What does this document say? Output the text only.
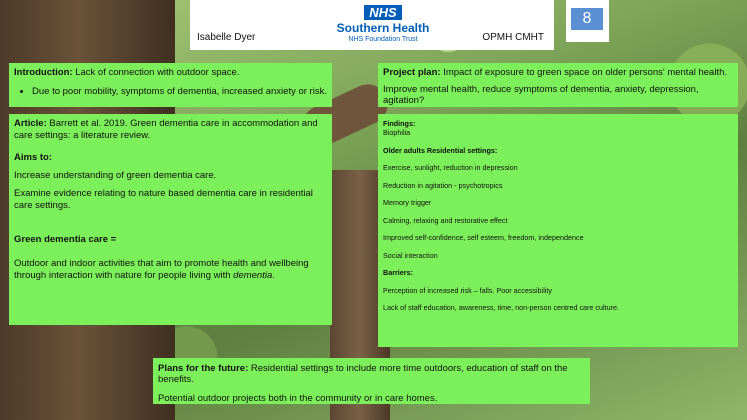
Isabelle Dyer
NHS
Southern Health
NHS Foundation Trust	OPMH CMHT
8
Introduction: Lack of connection with outdoor space.
• Due to poor mobility, symptoms of dementia, increased anxiety or risk.

Project plan: Impact of exposure to green space on older persons' mental health.

Improve mental health, reduce symptoms of dementia, anxiety, depression, agitation?

Article: Barrett et al. 2019. Green dementia care in accommodation and care settings: a literature review.

Aims to:

Increase understanding of green dementia care.

Examine evidence relating to nature based dementia care in residential care settings.

Green dementia care =

Outdoor and indoor activities that aim to promote health and wellbeing through interaction with nature for people living with dementia.

Findings:
Biophilia

Older adults Residential settings:

Exercise, sunlight, reduction in depression

Reduction in agitation - psychotropics

Memory trigger

Calming, relaxing and restorative effect

Improved self-confidence, self esteem, freedom, independence

Social interaction

Barriers:

Perception of increased risk – falls. Poor accessibility

Lack of staff education, awareness, time, non-person centred care culture.

Plans for the future: Residential settings to include more time outdoors, education of staff on the benefits.

Potential outdoor projects both in the community or in care homes.
